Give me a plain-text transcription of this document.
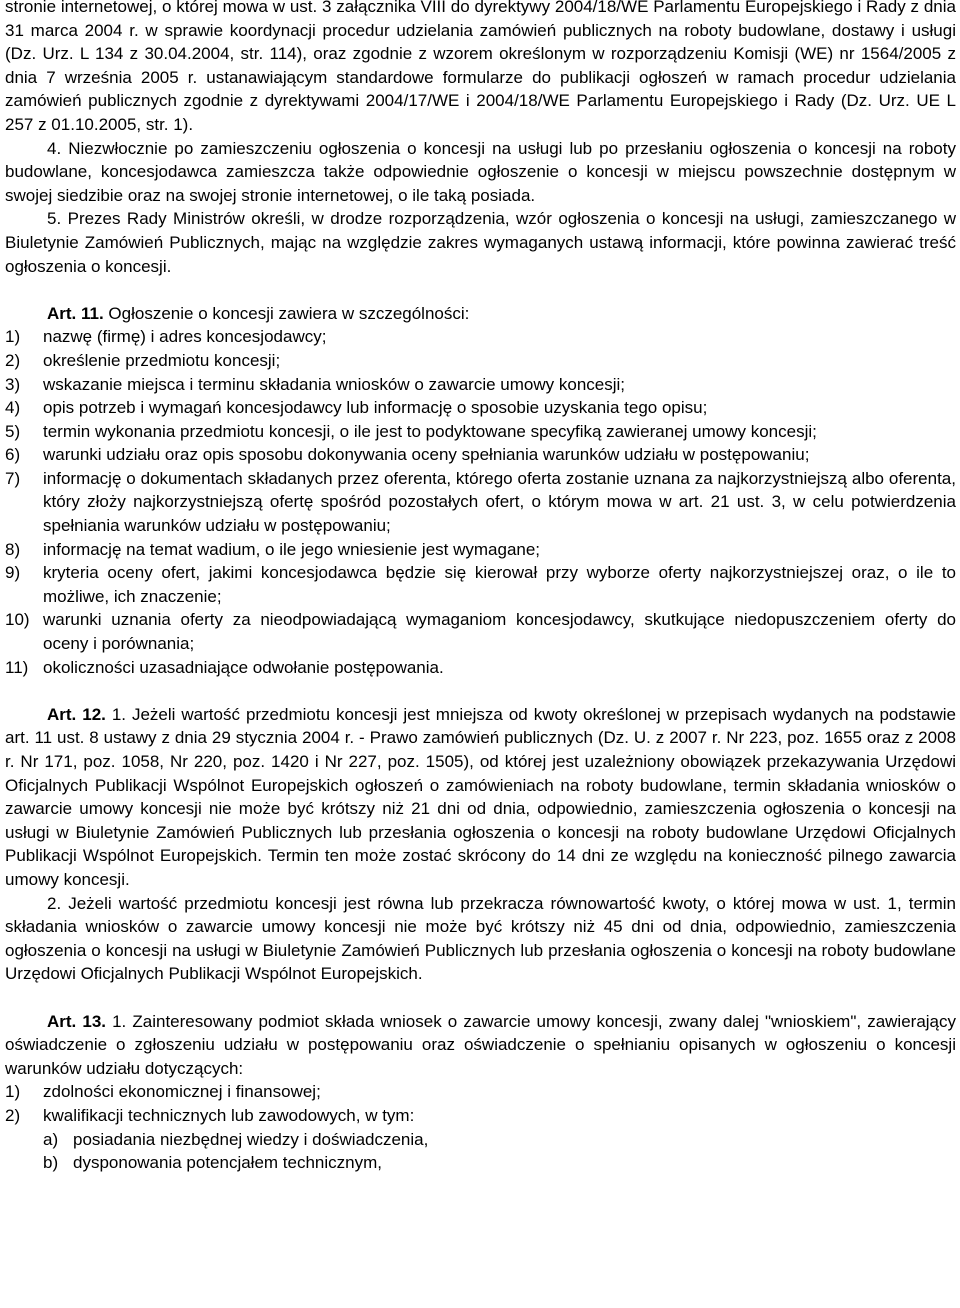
stronie internetowej, o której mowa w ust. 3 załącznika VIII do dyrektywy 2004/18/WE Parlamentu Europejskiego i Rady z dnia 31 marca 2004 r. w sprawie koordynacji procedur udzielania zamówień publicznych na roboty budowlane, dostawy i usługi (Dz. Urz. L 134 z 30.04.2004, str. 114), oraz zgodnie z wzorem określonym w rozporządzeniu Komisji (WE) nr 1564/2005 z dnia 7 września 2005 r. ustanawiającym standardowe formularze do publikacji ogłoszeń w ramach procedur udzielania zamówień publicznych zgodnie z dyrektywami 2004/17/WE i 2004/18/WE Parlamentu Europejskiego i Rady (Dz. Urz. UE L 257 z 01.10.2005, str. 1).

4. Niezwłocznie po zamieszczeniu ogłoszenia o koncesji na usługi lub po przesłaniu ogłoszenia o koncesji na roboty budowlane, koncesjodawca zamieszcza także odpowiednie ogłoszenie o koncesji w miejscu powszechnie dostępnym w swojej siedzibie oraz na swojej stronie internetowej, o ile taką posiada.

5. Prezes Rady Ministrów określi, w drodze rozporządzenia, wzór ogłoszenia o koncesji na usługi, zamieszczanego w Biuletynie Zamówień Publicznych, mając na względzie zakres wymaganych ustawą informacji, które powinna zawierać treść ogłoszenia o koncesji.

Art. 11. Ogłoszenie o koncesji zawiera w szczególności:

1) nazwę (firmę) i adres koncesjodawcy;
2) określenie przedmiotu koncesji;
3) wskazanie miejsca i terminu składania wniosków o zawarcie umowy koncesji;
4) opis potrzeb i wymagań koncesjodawcy lub informację o sposobie uzyskania tego opisu;
5) termin wykonania przedmiotu koncesji, o ile jest to podyktowane specyfiką zawieranej umowy koncesji;
6) warunki udziału oraz opis sposobu dokonywania oceny spełniania warunków udziału w postępowaniu;
7) informację o dokumentach składanych przez oferenta, którego oferta zostanie uznana za najkorzystniejszą albo oferenta, który złoży najkorzystniejszą ofertę spośród pozostałych ofert, o którym mowa w art. 21 ust. 3, w celu potwierdzenia spełniania warunków udziału w postępowaniu;
8) informację na temat wadium, o ile jego wniesienie jest wymagane;
9) kryteria oceny ofert, jakimi koncesjodawca będzie się kierował przy wyborze oferty najkorzystniejszej oraz, o ile to możliwe, ich znaczenie;
10) warunki uznania oferty za nieodpowiadającą wymaganiom koncesjodawcy, skutkujące niedopuszczeniem oferty do oceny i porównania;
11) okoliczności uzasadniające odwołanie postępowania.

Art. 12. 1. Jeżeli wartość przedmiotu koncesji jest mniejsza od kwoty określonej w przepisach wydanych na podstawie art. 11 ust. 8 ustawy z dnia 29 stycznia 2004 r. - Prawo zamówień publicznych (Dz. U. z 2007 r. Nr 223, poz. 1655 oraz z 2008 r. Nr 171, poz. 1058, Nr 220, poz. 1420 i Nr 227, poz. 1505), od której jest uzależniony obowiązek przekazywania Urzędowi Oficjalnych Publikacji Wspólnot Europejskich ogłoszeń o zamówieniach na roboty budowlane, termin składania wniosków o zawarcie umowy koncesji nie może być krótszy niż 21 dni od dnia, odpowiednio, zamieszczenia ogłoszenia o koncesji na usługi w Biuletynie Zamówień Publicznych lub przesłania ogłoszenia o koncesji na roboty budowlane Urzędowi Oficjalnych Publikacji Wspólnot Europejskich. Termin ten może zostać skrócony do 14 dni ze względu na konieczność pilnego zawarcia umowy koncesji.

2. Jeżeli wartość przedmiotu koncesji jest równa lub przekracza równowartość kwoty, o której mowa w ust. 1, termin składania wniosków o zawarcie umowy koncesji nie może być krótszy niż 45 dni od dnia, odpowiednio, zamieszczenia ogłoszenia o koncesji na usługi w Biuletynie Zamówień Publicznych lub przesłania ogłoszenia o koncesji na roboty budowlane Urzędowi Oficjalnych Publikacji Wspólnot Europejskich.

Art. 13. 1. Zainteresowany podmiot składa wniosek o zawarcie umowy koncesji, zwany dalej "wnioskiem", zawierający oświadczenie o zgłoszeniu udziału w postępowaniu oraz oświadczenie o spełnianiu opisanych w ogłoszeniu o koncesji warunków udziału dotyczących:

1) zdolności ekonomicznej i finansowej;
2) kwalifikacji technicznych lub zawodowych, w tym:
a) posiadania niezbędnej wiedzy i doświadczenia,
b) dysponowania potencjałem technicznym,
